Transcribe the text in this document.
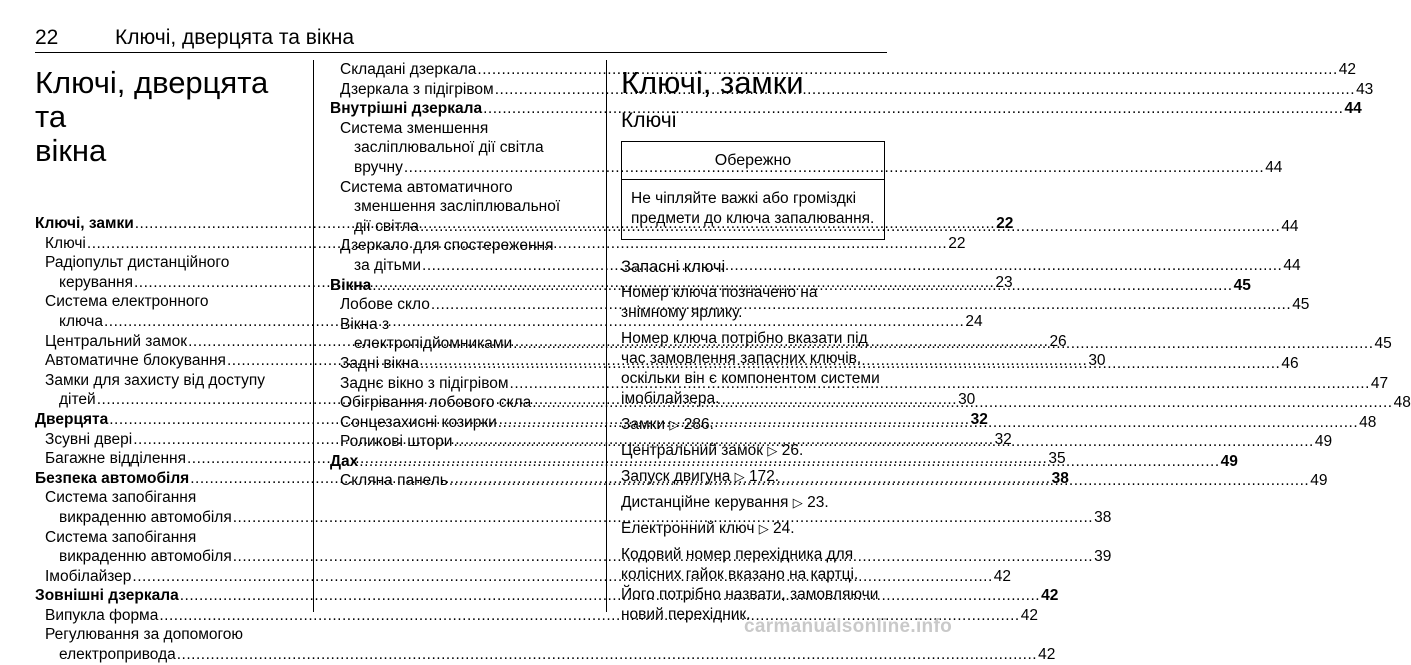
22	Ключі, дверцята та вікна
Ключі, дверцята та
вікна
Ключі, замки .....	22
Ключі .....	22
Радіопульт дистанційного
керування .....	23
Система електронного
ключа .....	24
Центральний замок .....	26
Автоматичне блокування .....	30
Замки для захисту від доступу
дітей .....	30
Дверцята .....	32
Зсувні двері .....	32
Багажне відділення .....	35
Безпека автомобіля .....	38
Система запобігання
викраденню автомобіля .....	38
Система запобігання
викраденню автомобіля .....	39
Імобілайзер .....	42
Зовнішні дзеркала .....	42
Випукла форма .....	42
Регулювання за допомогою
електропривода .....	42
Складані дзеркала .....	42
Дзеркала з підігрівом .....	43
Внутрішні дзеркала .....	44
Система зменшення
засліплювальної дії світла
вручну .....	44
Система автоматичного
зменшення засліплювальної
дії світла .....	44
Дзеркало для спостереження
за дітьми .....	44
Вікна .....	45
Лобове скло .....	45
Вікна з
електропідйомниками .....	45
Задні вікна .....	46
Заднє вікно з підігрівом .....	47
Обігрівання лобового скла .....	48
Сонцезахисні козирки .....	48
Роликові штори .....	49
Дах .....	49
Скляна панель .....	49
Ключі, замки
Ключі
Обережно
Не чіпляйте важкі або громіздкі предмети до ключа запалювання.
Запасні ключі

Номер ключа позначено на знімному ярлику.

Номер ключа потрібно вказати під час замовлення запасних ключів, оскільки він є компонентом системи імобілайзера.

Замки ▷ 286.

Центральний замок ▷ 26.

Запуск двигуна ▷ 172.

Дистанційне керування ▷ 23.

Електронний ключ ▷ 24.

Кодовий номер перехідника для колісних гайок вказано на картці. Його потрібно назвати, замовляючи новий перехідник.

carmanualsonline.info
